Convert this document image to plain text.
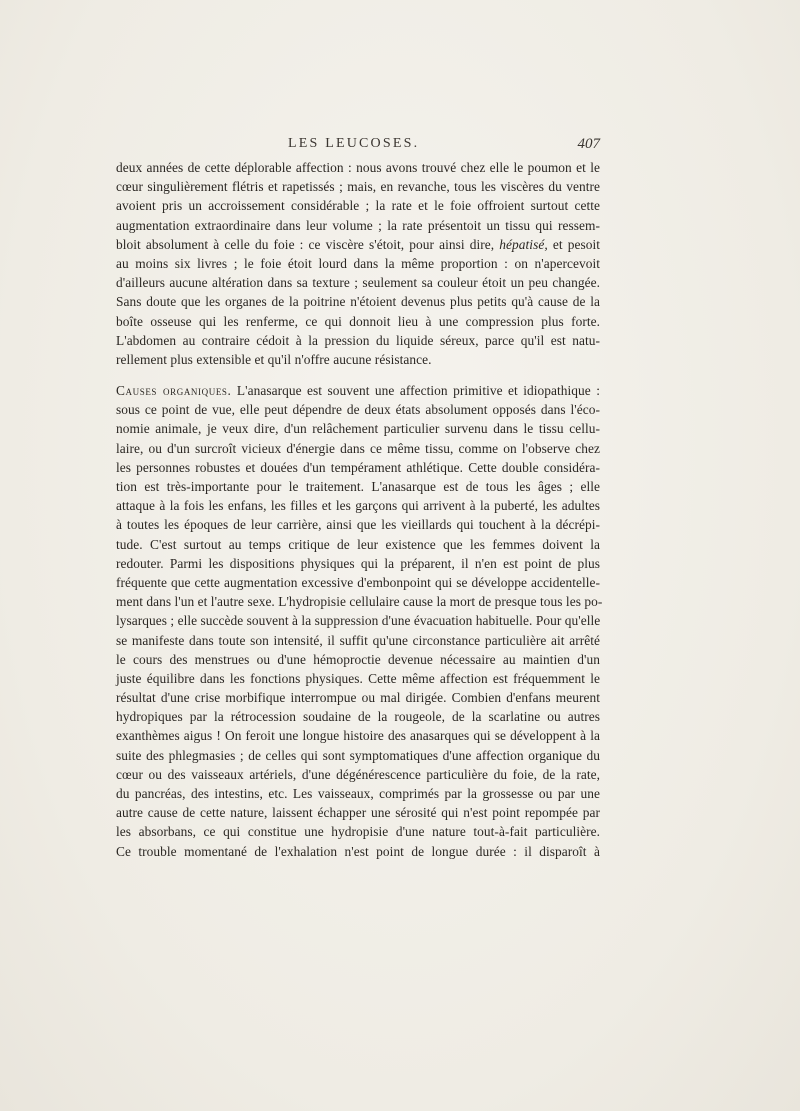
LES LEUCOSES.	407
deux années de cette déplorable affection : nous avons trouvé chez elle le poumon et le
cœur singulièrement flétris et rapetissés ; mais, en revanche, tous les viscères du ventre
avoient pris un accroissement considérable ; la rate et le foie offroient surtout cette
augmentation extraordinaire dans leur volume ; la rate présentoit un tissu qui ressem-
bloit absolument à celle du foie : ce viscère s'étoit, pour ainsi dire, hépatisé, et pesoit
au moins six livres ; le foie étoit lourd dans la même proportion : on n'apercevoit
d'ailleurs aucune altération dans sa texture ; seulement sa couleur étoit un peu changée.
Sans doute que les organes de la poitrine n'étoient devenus plus petits qu'à cause de la
boîte osseuse qui les renferme, ce qui donnoit lieu à une compression plus forte.
L'abdomen au contraire cédoit à la pression du liquide séreux, parce qu'il est natu-
rellement plus extensible et qu'il n'offre aucune résistance.
Causes organiques. L'anasarque est souvent une affection primitive et idiopathique :
sous ce point de vue, elle peut dépendre de deux états absolument opposés dans l'éco-
nomie animale, je veux dire, d'un relâchement particulier survenu dans le tissu cellu-
laire, ou d'un surcroît vicieux d'énergie dans ce même tissu, comme on l'observe chez
les personnes robustes et douées d'un tempérament athlétique. Cette double considéra-
tion est très-importante pour le traitement. L'anasarque est de tous les âges ; elle
attaque à la fois les enfans, les filles et les garçons qui arrivent à la puberté, les adultes
à toutes les époques de leur carrière, ainsi que les vieillards qui touchent à la décrépi-
tude. C'est surtout au temps critique de leur existence que les femmes doivent la
redouter. Parmi les dispositions physiques qui la préparent, il n'en est point de plus
fréquente que cette augmentation excessive d'embonpoint qui se développe accidentelle-
ment dans l'un et l'autre sexe. L'hydropisie cellulaire cause la mort de presque tous les po-
lysarques ; elle succède souvent à la suppression d'une évacuation habituelle. Pour qu'elle
se manifeste dans toute son intensité, il suffit qu'une circonstance particulière ait arrêté
le cours des menstrues ou d'une hémoproctie devenue nécessaire au maintien d'un
juste équilibre dans les fonctions physiques. Cette même affection est fréquemment le
résultat d'une crise morbifique interrompue ou mal dirigée. Combien d'enfans meurent
hydropiques par la rétrocession soudaine de la rougeole, de la scarlatine ou autres
exanthèmes aigus ! On feroit une longue histoire des anasarques qui se développent à la
suite des phlegmasies ; de celles qui sont symptomatiques d'une affection organique du
cœur ou des vaisseaux artériels, d'une dégénérescence particulière du foie, de la rate,
du pancréas, des intestins, etc. Les vaisseaux, comprimés par la grossesse ou par une
autre cause de cette nature, laissent échapper une sérosité qui n'est point repompée par
les absorbans, ce qui constitue une hydropisie d'une nature tout-à-fait particulière.
Ce trouble momentané de l'exhalation n'est point de longue durée : il disparoît à
